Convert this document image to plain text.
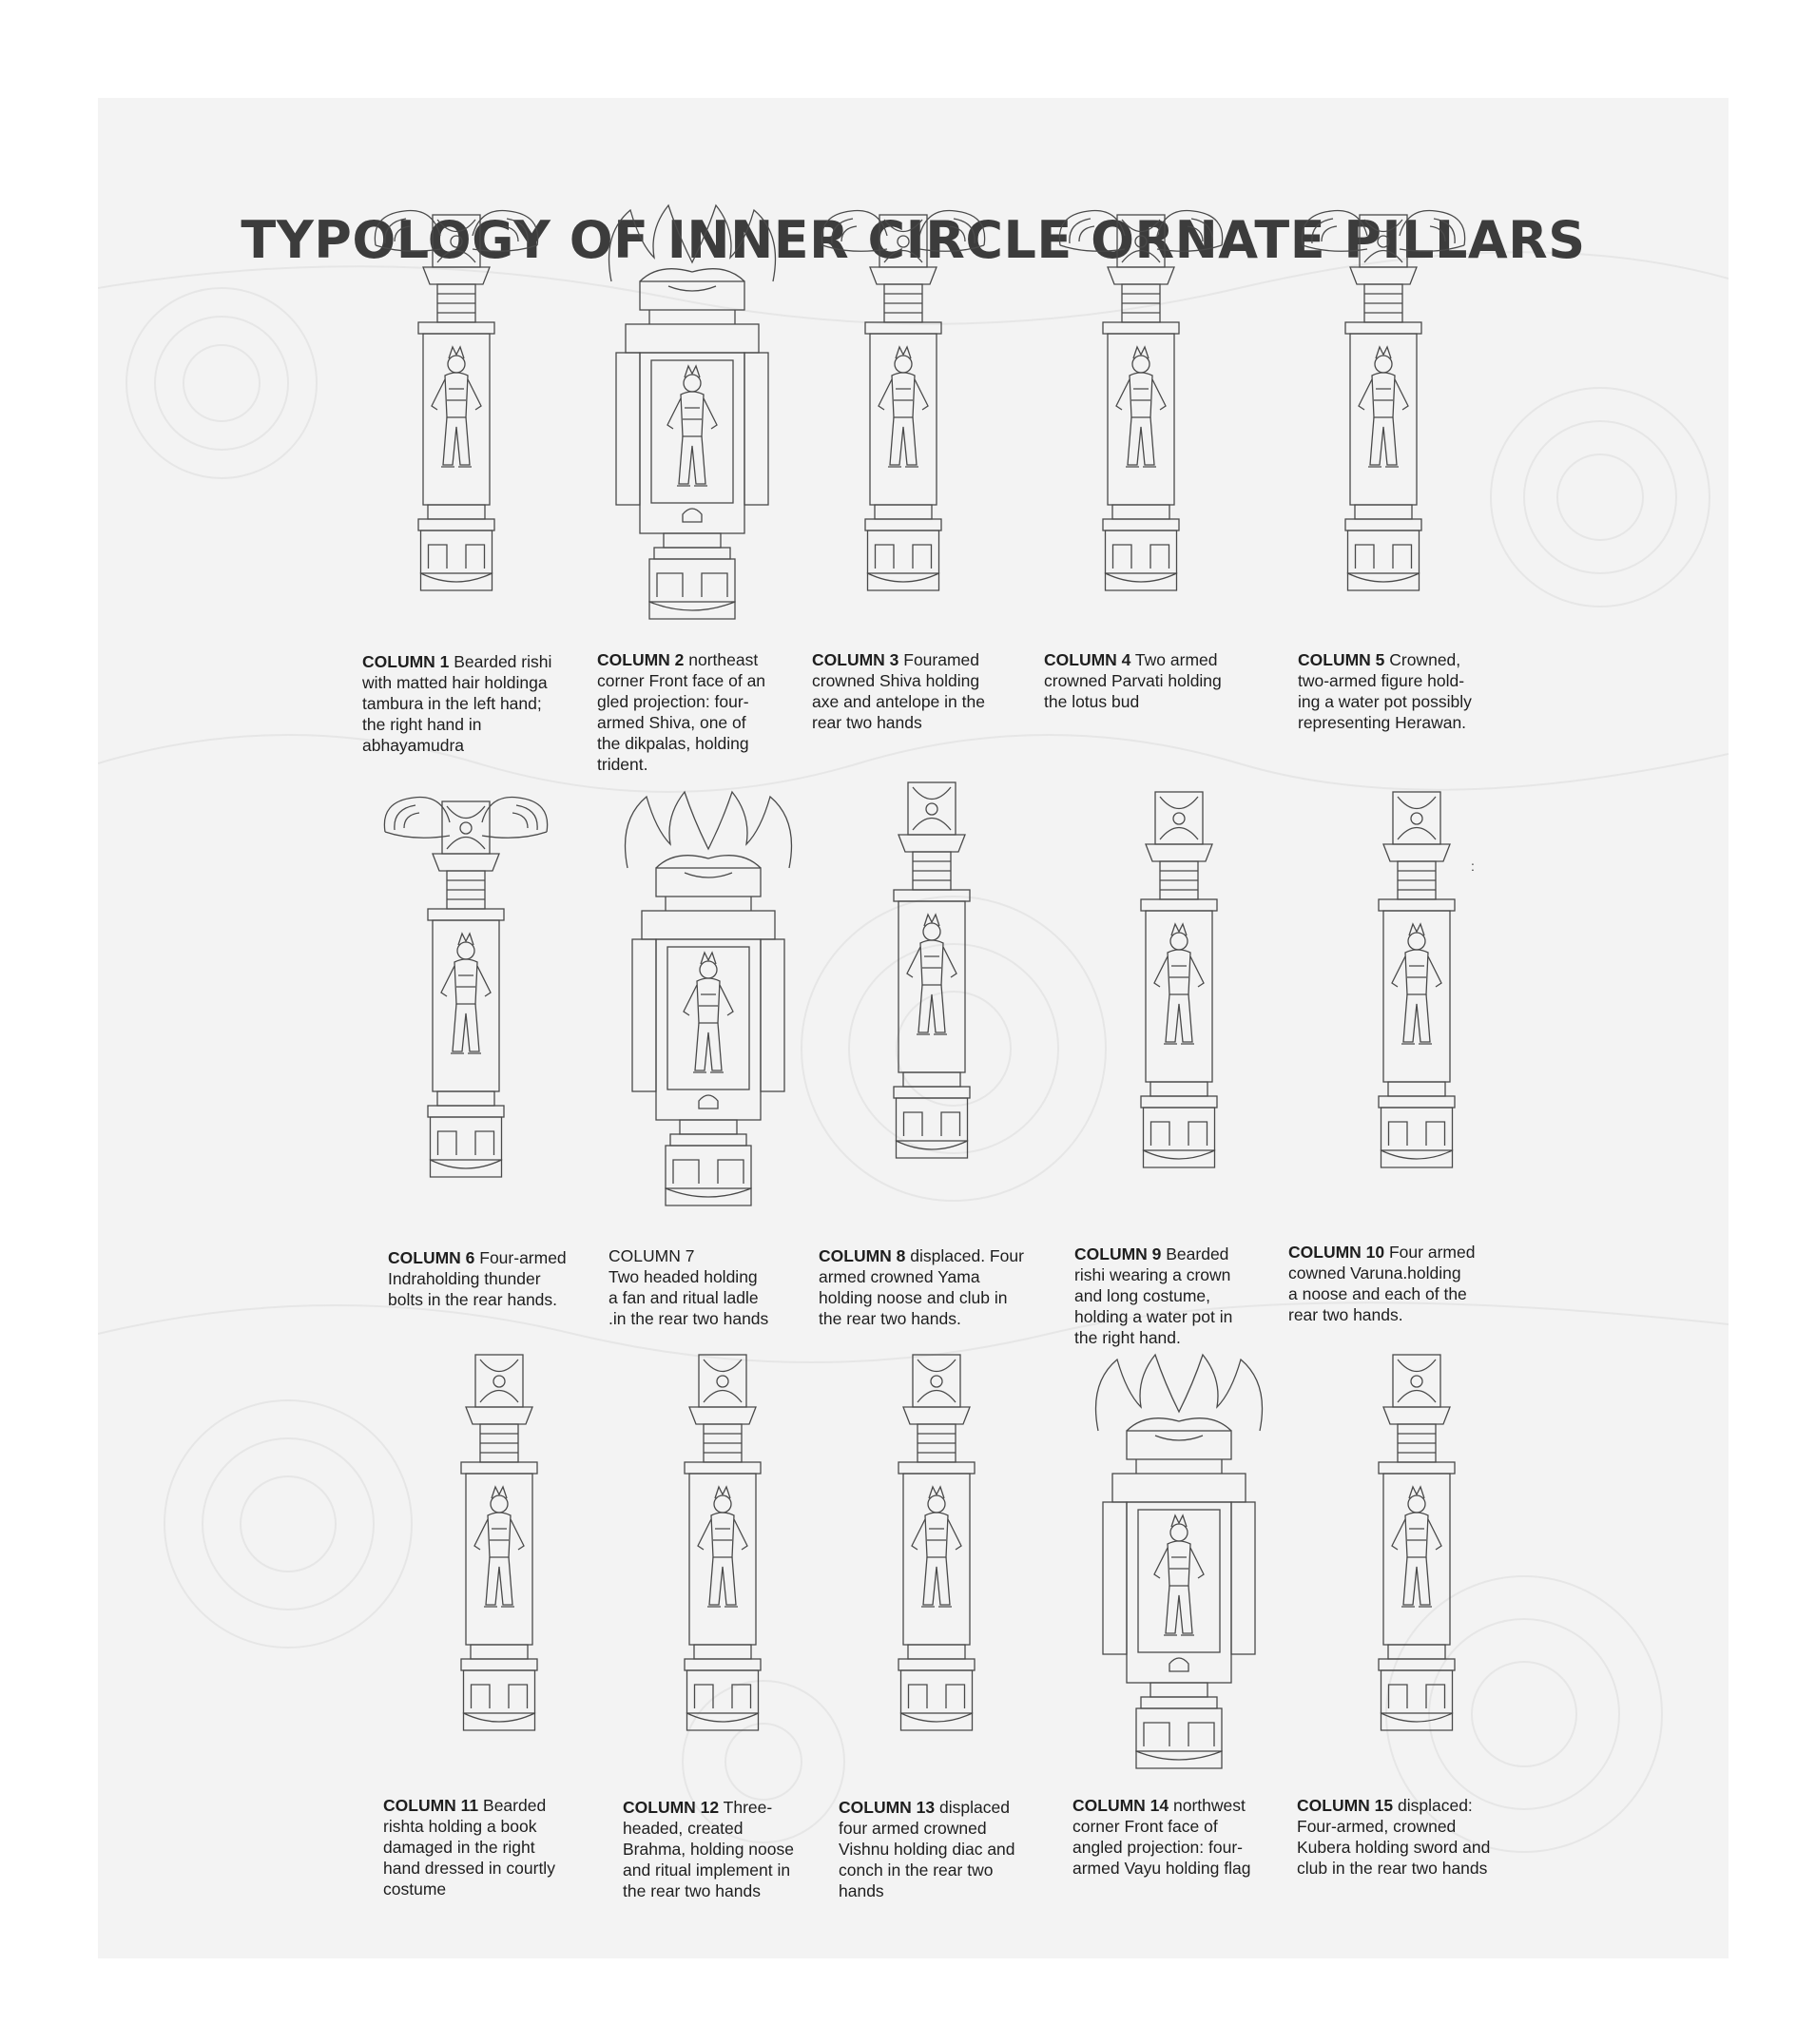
TYPOLOGY OF INNER CIRCLE ORNATE PILLARS
:
COLUMN 1 Bearded rishi
with matted hair holdinga
tambura in the left hand;
the right hand in
abhayamudra
COLUMN 2 northeast
corner Front face of an
gled projection: four-
armed Shiva, one of
the dikpalas, holding
trident.
COLUMN 3 Fouramed
crowned Shiva holding
axe and antelope in the
rear two hands
COLUMN 4 Two armed
crowned Parvati holding
the lotus bud
COLUMN 5 Crowned,
two-armed figure hold-
ing a water pot possibly
representing Herawan.
COLUMN 6 Four-armed
Indraholding thunder
bolts in the rear hands.
COLUMN 7
Two headed holding
a fan and ritual ladle
.in the rear two hands
COLUMN 8 displaced. Four
armed crowned Yama
holding noose and club in
the rear two hands.
COLUMN 9 Bearded
rishi wearing a crown
and long costume,
holding a water pot in
the right hand.
COLUMN 10 Four armed
cowned Varuna.holding
a noose and each of the
rear two hands.
COLUMN 11 Bearded
rishta holding a book
damaged in the right
hand dressed in courtly
costume
COLUMN 12 Three-
headed, created
Brahma, holding noose
and ritual implement in
the rear two hands
COLUMN 13 displaced
four armed crowned
Vishnu holding diac and
conch in the rear two
hands
COLUMN 14 northwest
corner Front face of
angled projection: four-
armed Vayu holding flag
COLUMN 15 displaced:
Four-armed, crowned
Kubera holding sword and
club in the rear two hands
